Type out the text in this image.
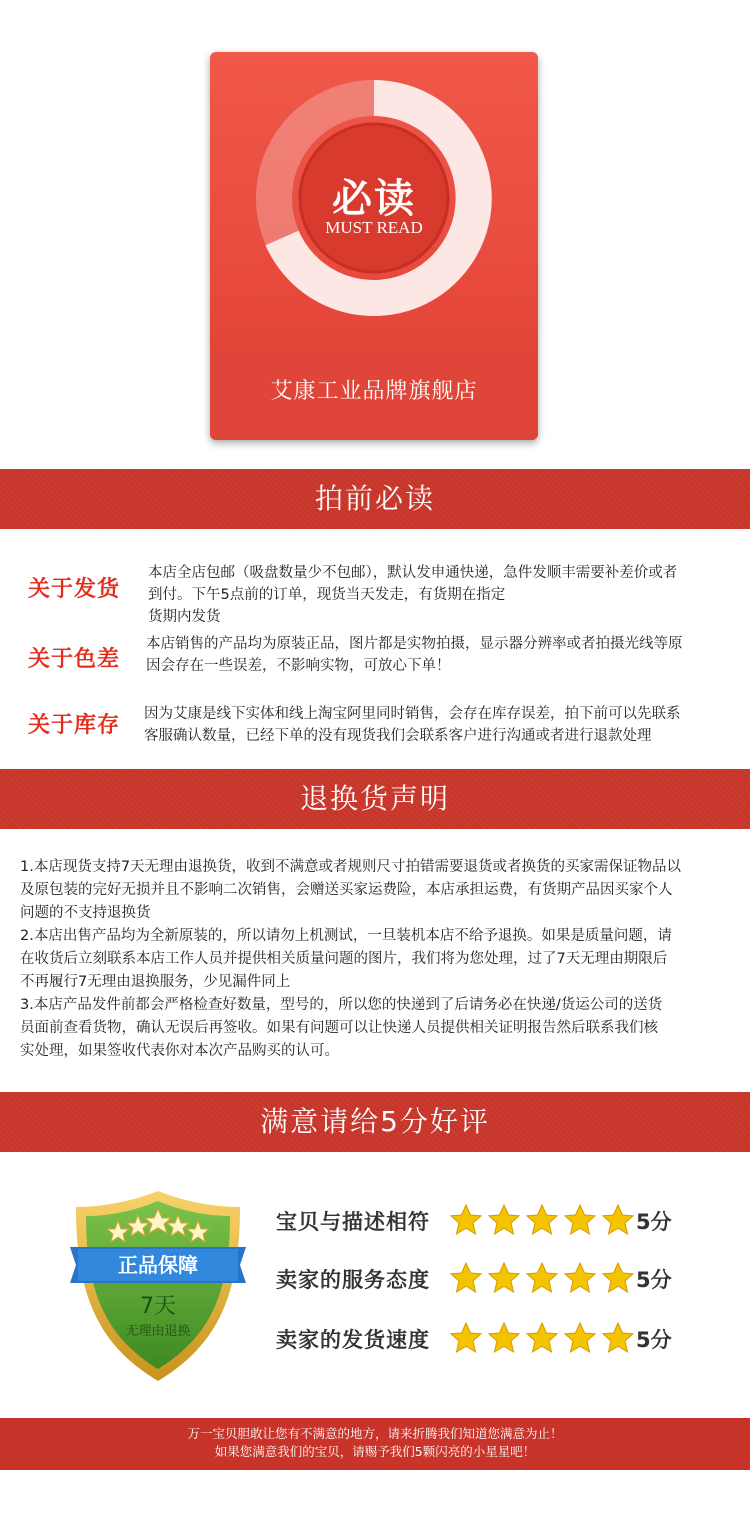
必读
MUST READ
艾康工业品牌旗舰店
拍前必读
关于发货
本店全店包邮（吸盘数量少不包邮），默认发申通快递，急件发顺丰需要补差价或者
到付。下午5点前的订单，现货当天发走，有货期在指定
货期内发货
关于色差
本店销售的产品均为原装正品，图片都是实物拍摄，显示器分辨率或者拍摄光线等原
因会存在一些误差，不影响实物，可放心下单！
关于库存 因为艾康是线下实体和线上淘宝阿里同时销售，会存在库存误差，拍下前可以先联系
客服确认数量，已经下单的没有现货我们会联系客户进行沟通或者进行退款处理
退换货声明

1.本店现货支持7天无理由退换货，收到不满意或者规则尺寸拍错需要退货或者换货的买家需保证物品以

及原包装的完好无损并且不影响二次销售，会赠送买家运费险，本店承担运费，有货期产品因买家个人

问题的不支持退换货

2.本店出售产品均为全新原装的，所以请勿上机测试，一旦装机本店不给予退换。如果是质量问题，请

在收货后立刻联系本店工作人员并提供相关质量问题的图片，我们将为您处理，过了7天无理由期限后

不再履行7无理由退换服务，少见漏件同上

3.本店产品发件前都会严格检查好数量，型号的，所以您的快递到了后请务必在快递/货运公司的送货

员面前查看货物，确认无误后再签收。如果有问题可以让快递人员提供相关证明报告然后联系我们核

实处理，如果签收代表你对本次产品购买的认可。

满意请给5分好评
正品保障
7天
无理由退换
宝贝与描述相符	5分
卖家的服务态度	5分
卖家的发货速度	5分
万一宝贝胆敢让您有不满意的地方，请来折腾我们知道您满意为止！
如果您满意我们的宝贝，请赐予我们5颗闪亮的小星星吧！
